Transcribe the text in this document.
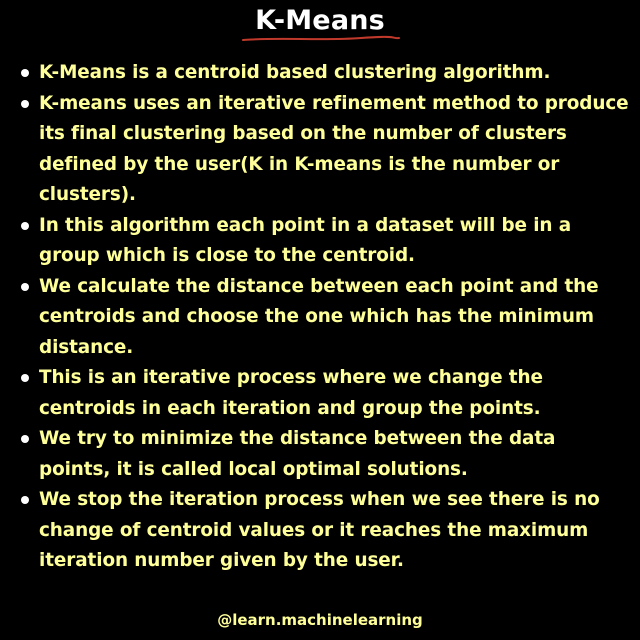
K-Means
K-Means is a centroid based clustering algorithm.
K-means uses an iterative refinement method to produce its final clustering based on the number of clusters defined by the user(K in K-means is the number or clusters).
In this algorithm each point in a dataset will be in a group which is close to the centroid.
We calculate the distance between each point and the centroids and choose the one which has the minimum distance.
This is an iterative process where we change the centroids in each iteration and group the points.
We try to minimize the distance between the data points, it is called local optimal solutions.
We stop the iteration process when we see there is no change of centroid values or it reaches the maximum iteration number given by the user.
@learn.machinelearning
